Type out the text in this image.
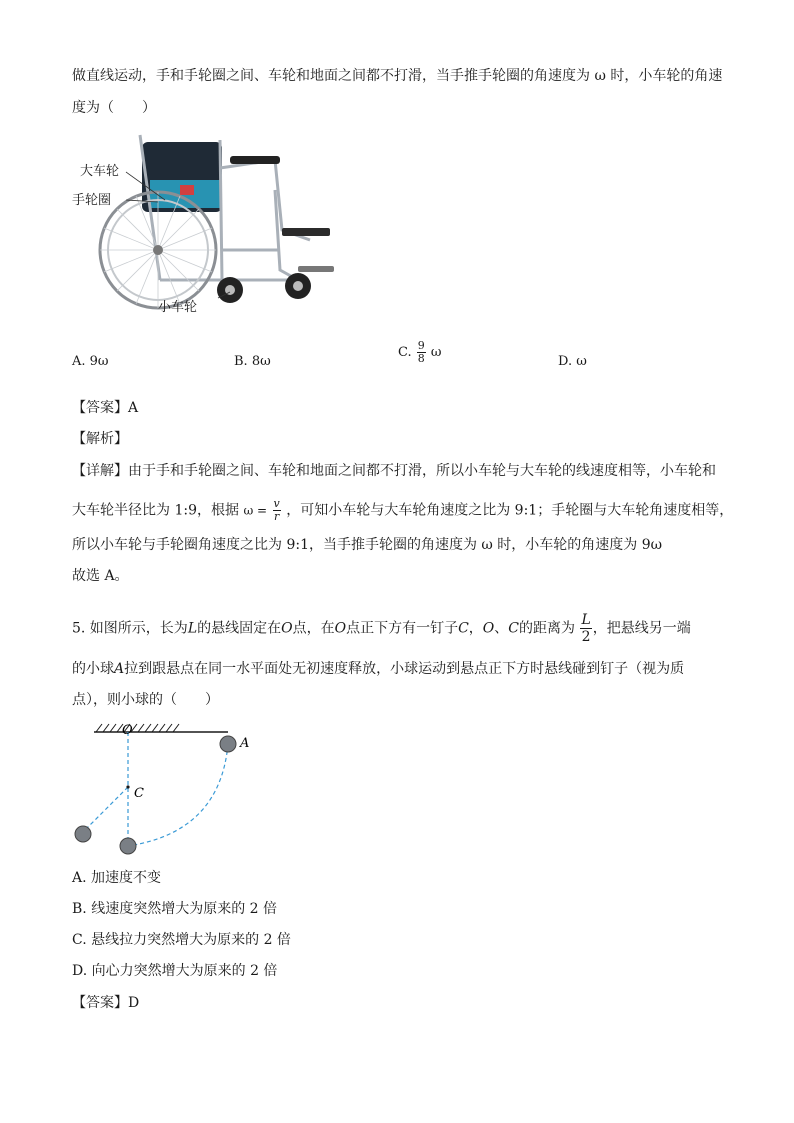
做直线运动，手和手轮圈之间、车轮和地面之间都不打滑，当手推手轮圈的角速度为 ω 时，小车轮的角速
度为（　　）
大车轮
手轮圈
小车轮
A. 9ω	B. 8ω
C. $\frac{9}{8}$ ω
D. ω
【答案】A
【解析】
【详解】由于手和手轮圈之间、车轮和地面之间都不打滑，所以小车轮与大车轮的线速度相等，小车轮和
大车轮半径比为 1:9，根据 $\omega = \frac{v}{r}$ ，可知小车轮与大车轮角速度之比为 9:1；手轮圈与大车轮角速度相等，
所以小车轮与手轮圈角速度之比为 9:1，当手推手轮圈的角速度为 ω 时，小车轮的角速度为 9ω
故选 A。
5. 如图所示，长为L的悬线固定在O点，在O点正下方有一钉子C，O、C的距离为 $\frac{L}{2}$ ，把悬线另一端
的小球A拉到跟悬点在同一水平面处无初速度释放，小球运动到悬点正下方时悬线碰到钉子（视为质
点），则小球的（　　）
O
C
A
A. 加速度不变
B. 线速度突然增大为原来的 2 倍
C. 悬线拉力突然增大为原来的 2 倍
D. 向心力突然增大为原来的 2 倍
【答案】D
